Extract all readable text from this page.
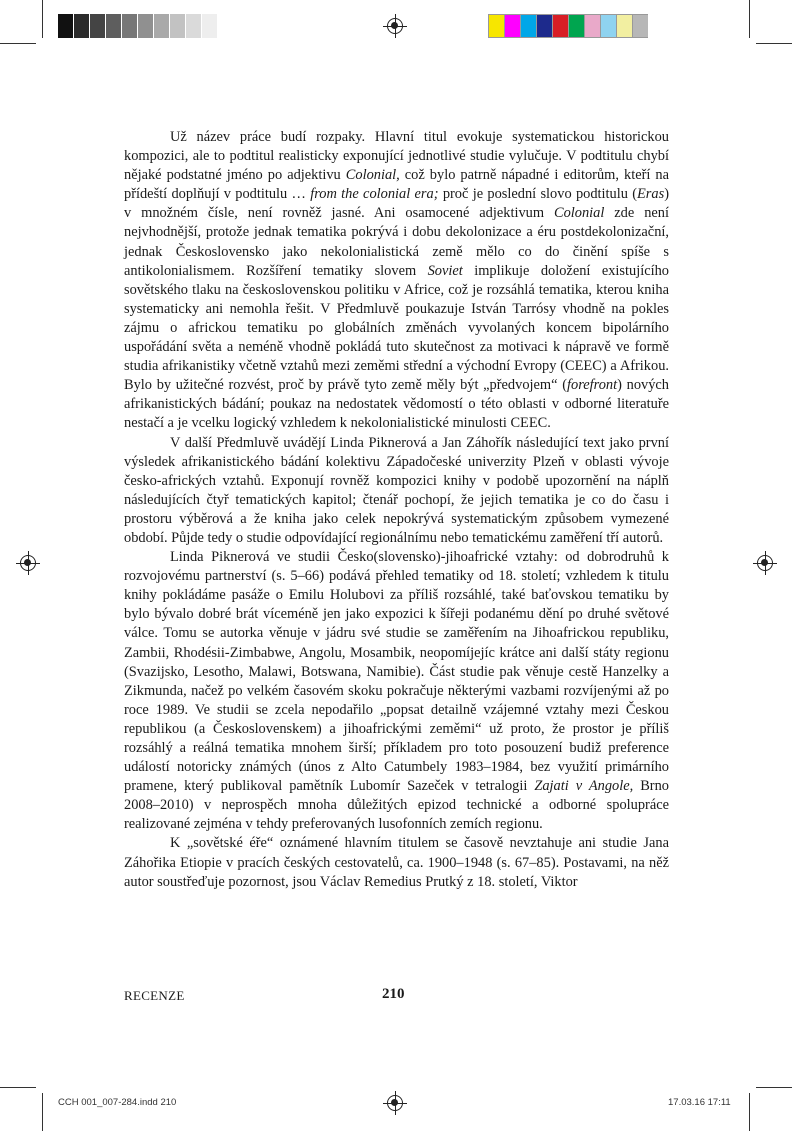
Už název práce budí rozpaky. Hlavní titul evokuje systematickou historickou kompozici, ale to podtitul realisticky exponující jednotlivé studie vylučuje. V podtitulu chybí nějaké podstatné jméno po adjektivu Colonial, což bylo patrně nápadné i editorům, kteří na přídeští doplňují v podtitulu … from the colonial era; proč je poslední slovo podtitulu (Eras) v množném čísle, není rovněž jasné. Ani osamocené adjektivum Colonial zde není nejvhodnější, protože jednak tematika pokrývá i dobu dekolonizace a éru postdekolonizační, jednak Československo jako nekolonialistická země mělo co do činění spíše s antikolonialismem. Rozšíření tematiky slovem Soviet implikuje doložení existujícího sovětského tlaku na československou politiku v Africe, což je rozsáhlá tematika, kterou kniha systematicky ani nemohla řešit. V Předmluvě poukazuje István Tarrósy vhodně na pokles zájmu o africkou tematiku po globálních změnách vyvolaných koncem bipolárního uspořádání světa a neméně vhodně pokládá tuto skutečnost za motivaci k nápravě ve formě studia afrikanistiky včetně vztahů mezi zeměmi střední a východní Evropy (CEEC) a Afrikou. Bylo by užitečné rozvést, proč by právě tyto země měly být „předvojem“ (forefront) nových afrikanistických bádání; poukaz na nedostatek vědomostí o této oblasti v odborné literatuře nestačí a je vcelku logický vzhledem k nekolonialistické minulosti CEEC.

V další Předmluvě uvádějí Linda Piknerová a Jan Záhořík následující text jako první výsledek afrikanistického bádání kolektivu Západočeské univerzity Plzeň v oblasti vývoje česko-afrických vztahů. Exponují rovněž kompozici knihy v podobě upozornění na náplň následujících čtyř tematických kapitol; čtenář pochopí, že jejich tematika je co do času i prostoru výběrová a že kniha jako celek nepokrývá systematickým způsobem vymezené období. Půjde tedy o studie odpovídající regionálnímu nebo tematickému zaměření tří autorů.

Linda Piknerová ve studii Česko(slovensko)-jihoafrické vztahy: od dobrodruhů k rozvojovému partnerství (s. 5–66) podává přehled tematiky od 18. století; vzhledem k titulu knihy pokládáme pasáže o Emilu Holubovi za příliš rozsáhlé, také baťovskou tematiku by bylo bývalo dobré brát víceméně jen jako expozici k šířeji podanému dění po druhé světové válce. Tomu se autorka věnuje v jádru své studie se zaměřením na Jihoafrickou republiku, Zambii, Rhodésii-Zimbabwe, Angolu, Mosambik, neopomíjejíc krátce ani další státy regionu (Svazijsko, Lesotho, Malawi, Botswana, Namibie). Část studie pak věnuje cestě Hanzelky a Zikmunda, načež po velkém časovém skoku pokračuje některými vazbami rozvíjenými až po roce 1989. Ve studii se zcela nepodařilo „popsat detailně vzájemné vztahy mezi Českou republikou (a Československem) a jihoafrickými zeměmi“ už proto, že prostor je příliš rozsáhlý a reálná tematika mnohem širší; příkladem pro toto posouzení budiž preference událostí notoricky známých (únos z Alto Catumbely 1983–1984, bez využití primárního pramene, který publikoval pamětník Lubomír Sazeček v tetralogii Zajati v Angole, Brno 2008–2010) v neprospěch mnoha důležitých epizod technické a odborné spolupráce realizované zejména v tehdy preferovaných lusofonních zemích regionu.

K „sovětské éře“ oznámené hlavním titulem se časově nevztahuje ani studie Jana Záhořika Etiopie v pracích českých cestovatelů, ca. 1900–1948 (s. 67–85). Postavami, na něž autor soustřeďuje pozornost, jsou Václav Remedius Prutký z 18. století, Viktor

RECENZE	210
CCH 001_007-284.indd 210	17.03.16 17:11
